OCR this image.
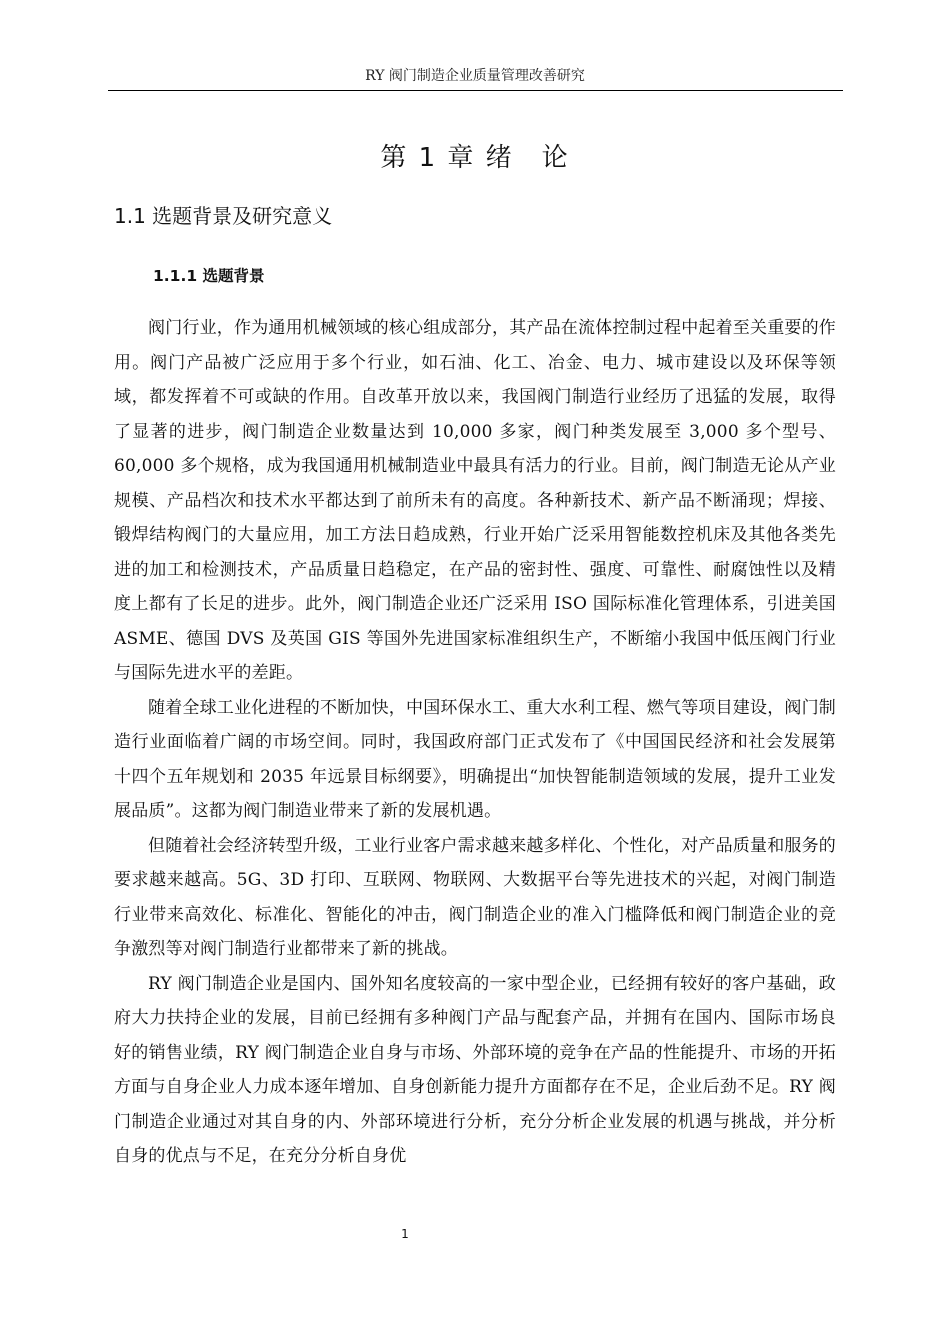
RY 阀门制造企业质量管理改善研究
第 1 章 绪　论
1.1 选题背景及研究意义
1.1.1 选题背景

阀门行业，作为通用机械领域的核心组成部分，其产品在流体控制过程中起着至关重要的作用。阀门产品被广泛应用于多个行业，如石油、化工、冶金、电力、城市建设以及环保等领域，都发挥着不可或缺的作用。自改革开放以来，我国阀门制造行业经历了迅猛的发展，取得了显著的进步，阀门制造企业数量达到 10,000 多家，阀门种类发展至 3,000 多个型号、60,000 多个规格，成为我国通用机械制造业中最具有活力的行业。目前，阀门制造无论从产业规模、产品档次和技术水平都达到了前所未有的高度。各种新技术、新产品不断涌现；焊接、锻焊结构阀门的大量应用，加工方法日趋成熟，行业开始广泛采用智能数控机床及其他各类先进的加工和检测技术，产品质量日趋稳定，在产品的密封性、强度、可靠性、耐腐蚀性以及精度上都有了长足的进步。此外，阀门制造企业还广泛采用 ISO 国际标准化管理体系，引进美国 ASME、德国 DVS 及英国 GIS 等国外先进国家标准组织生产，不断缩小我国中低压阀门行业与国际先进水平的差距。

随着全球工业化进程的不断加快，中国环保水工、重大水利工程、燃气等项目建设，阀门制造行业面临着广阔的市场空间。同时，我国政府部门正式发布了《中国国民经济和社会发展第十四个五年规划和 2035 年远景目标纲要》，明确提出“加快智能制造领域的发展，提升工业发展品质”。这都为阀门制造业带来了新的发展机遇。

但随着社会经济转型升级，工业行业客户需求越来越多样化、个性化，对产品质量和服务的要求越来越高。5G、3D 打印、互联网、物联网、大数据平台等先进技术的兴起，对阀门制造行业带来高效化、标准化、智能化的冲击，阀门制造企业的准入门槛降低和阀门制造企业的竞争激烈等对阀门制造行业都带来了新的挑战。

RY 阀门制造企业是国内、国外知名度较高的一家中型企业，已经拥有较好的客户基础，政府大力扶持企业的发展，目前已经拥有多种阀门产品与配套产品，并拥有在国内、国际市场良好的销售业绩，RY 阀门制造企业自身与市场、外部环境的竞争在产品的性能提升、市场的开拓方面与自身企业人力成本逐年增加、自身创新能力提升方面都存在不足，企业后劲不足。RY 阀门制造企业通过对其自身的内、外部环境进行分析，充分分析企业发展的机遇与挑战，并分析自身的优点与不足，在充分分析自身优

1
